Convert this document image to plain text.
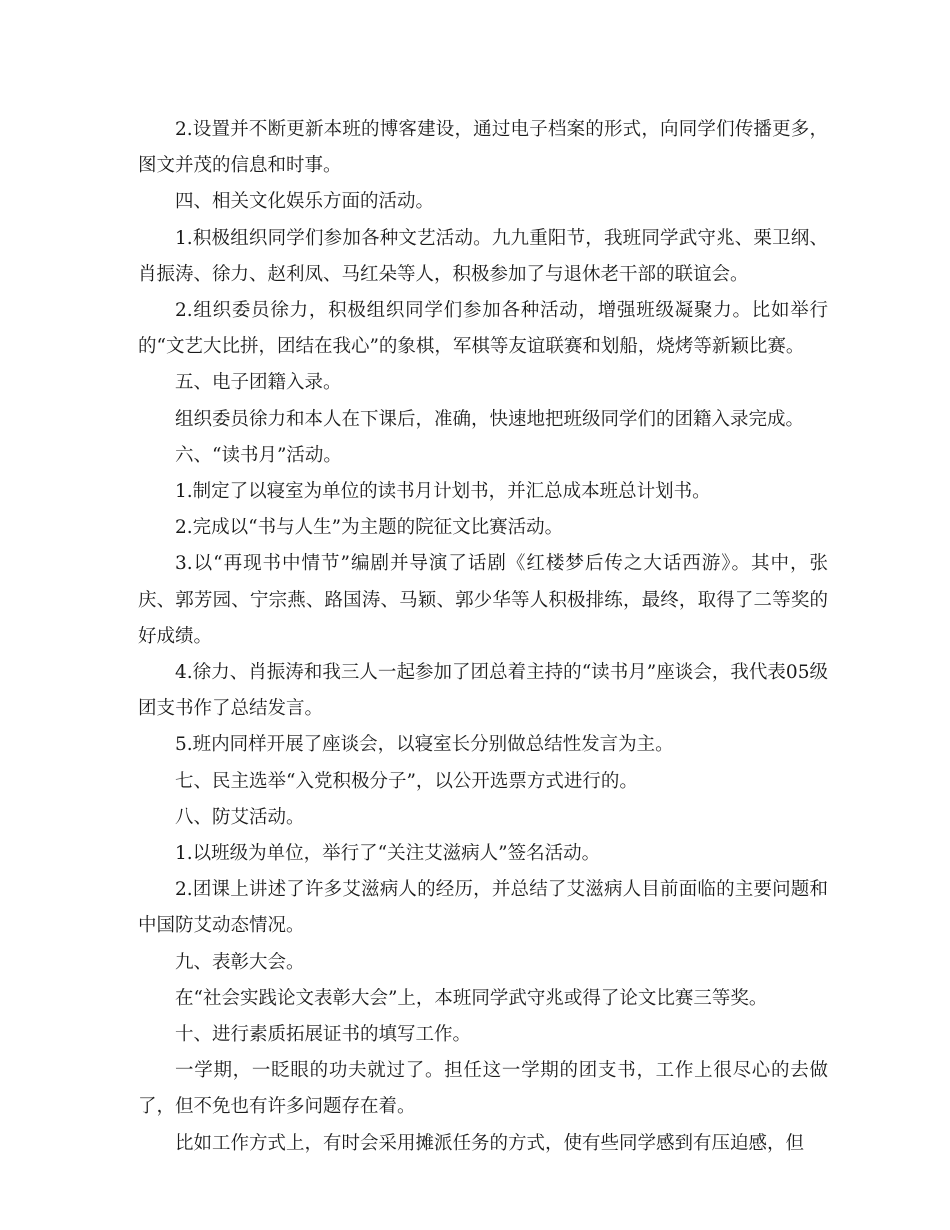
2.设置并不断更新本班的博客建设，通过电子档案的形式，向同学们传播更多，图文并茂的信息和时事。

四、相关文化娱乐方面的活动。

1.积极组织同学们参加各种文艺活动。九九重阳节，我班同学武守兆、栗卫纲、肖振涛、徐力、赵利凤、马红朵等人，积极参加了与退休老干部的联谊会。

2.组织委员徐力，积极组织同学们参加各种活动，增强班级凝聚力。比如举行的“文艺大比拼，团结在我心”的象棋，军棋等友谊联赛和划船，烧烤等新颖比赛。

五、电子团籍入录。

组织委员徐力和本人在下课后，准确，快速地把班级同学们的团籍入录完成。

六、“读书月”活动。

1.制定了以寝室为单位的读书月计划书，并汇总成本班总计划书。

2.完成以“书与人生”为主题的院征文比赛活动。

3.以“再现书中情节”编剧并导演了话剧《红楼梦后传之大话西游》。其中，张庆、郭芳园、宁宗燕、路国涛、马颖、郭少华等人积极排练，最终，取得了二等奖的好成绩。

4.徐力、肖振涛和我三人一起参加了团总着主持的“读书月”座谈会，我代表05级团支书作了总结发言。

5.班内同样开展了座谈会，以寝室长分别做总结性发言为主。

七、民主选举“入党积极分子”，以公开选票方式进行的。

八、防艾活动。

1.以班级为单位，举行了“关注艾滋病人”签名活动。

2.团课上讲述了许多艾滋病人的经历，并总结了艾滋病人目前面临的主要问题和中国防艾动态情况。

九、表彰大会。

在“社会实践论文表彰大会”上，本班同学武守兆或得了论文比赛三等奖。

十、进行素质拓展证书的填写工作。

一学期，一眨眼的功夫就过了。担任这一学期的团支书，工作上很尽心的去做了，但不免也有许多问题存在着。

比如工作方式上，有时会采用摊派任务的方式，使有些同学感到有压迫感，但
